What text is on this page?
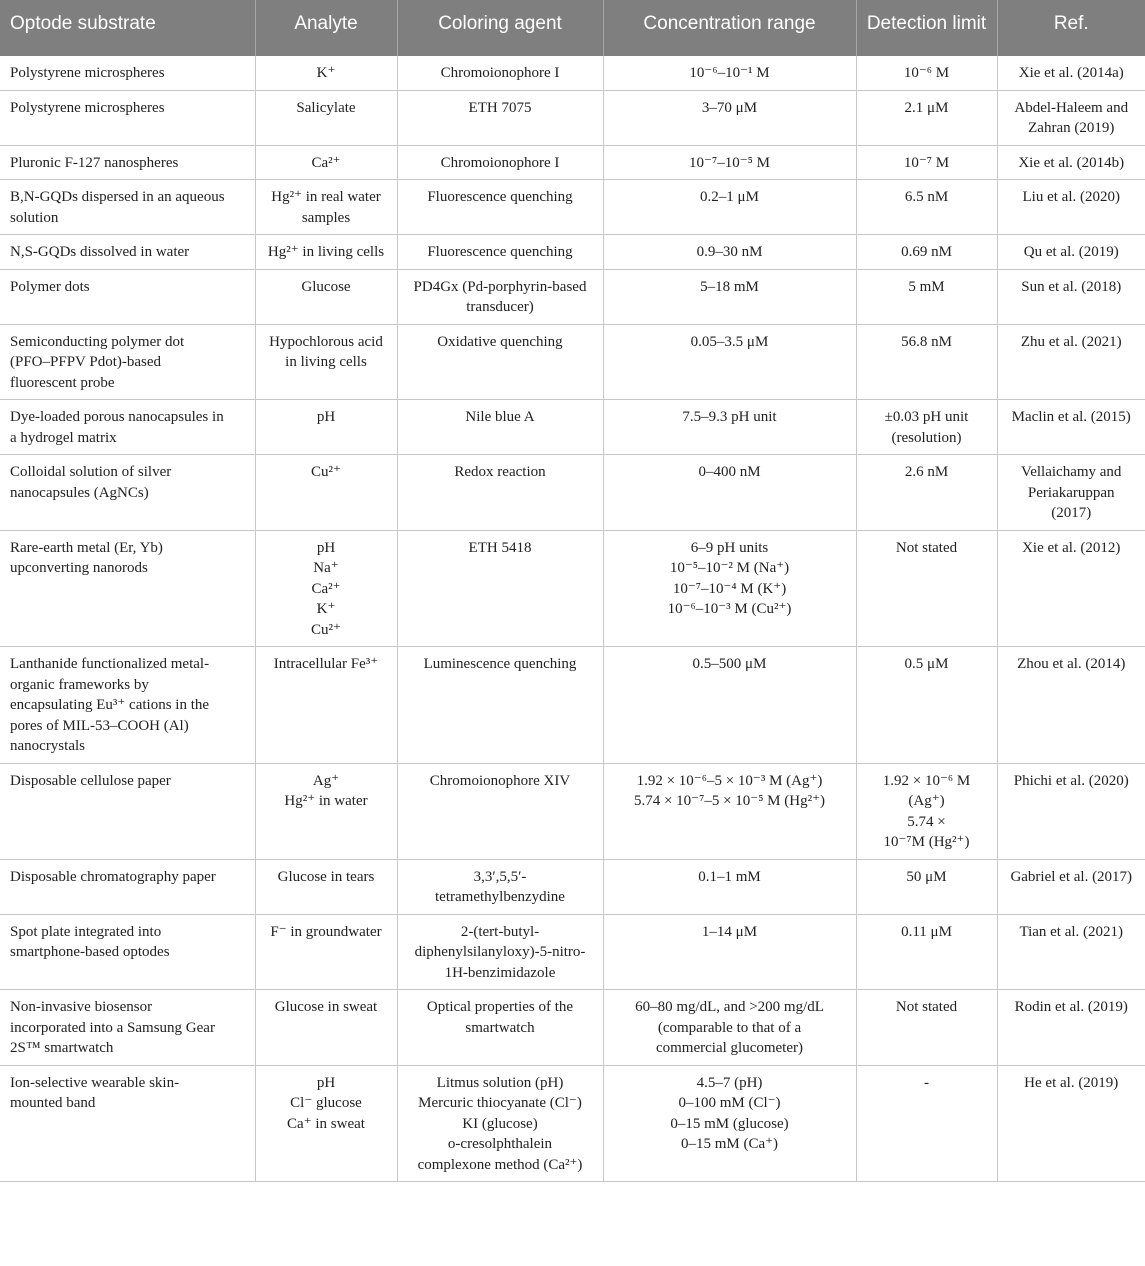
Optode substrate	Analyte	Coloring agent	Concentration range	Detection limit	Ref.

Polystyrene microspheres	K⁺	Chromoionophore I	10⁻⁶–10⁻¹ M	10⁻⁶ M	Xie et al. (2014a)

Polystyrene microspheres	Salicylate	ETH 7075	3–70 μM	2.1 μM	Abdel-Haleem and
Zahran (2019)

Pluronic F-127 nanospheres	Ca²⁺	Chromoionophore I	10⁻⁷–10⁻⁵ M	10⁻⁷ M	Xie et al. (2014b)

B,N-GQDs dispersed in an aqueous
solution	Hg²⁺ in real water
samples	Fluorescence quenching	0.2–1 μM	6.5 nM	Liu et al. (2020)

N,S-GQDs dissolved in water	Hg²⁺ in living cells	Fluorescence quenching	0.9–30 nM	0.69 nM	Qu et al. (2019)

Polymer dots	Glucose	PD4Gx (Pd-porphyrin-based
transducer)	5–18 mM	5 mM	Sun et al. (2018)

Semiconducting polymer dot
(PFO–PFPV Pdot)-based
fluorescent probe	Hypochlorous acid
in living cells	Oxidative quenching	0.05–3.5 μM	56.8 nM	Zhu et al. (2021)

Dye-loaded porous nanocapsules in
a hydrogel matrix	pH	Nile blue A	7.5–9.3 pH unit	±0.03 pH unit
(resolution)	Maclin et al. (2015)

Colloidal solution of silver
nanocapsules (AgNCs)	Cu²⁺	Redox reaction	0–400 nM	2.6 nM	Vellaichamy and
Periakaruppan
(2017)

Rare-earth metal (Er, Yb)
upconverting nanorods	pH
Na⁺
Ca²⁺
K⁺
Cu²⁺	ETH 5418	6–9 pH units
10⁻⁵–10⁻² M (Na⁺)
10⁻⁷–10⁻⁴ M (K⁺)
10⁻⁶–10⁻³ M (Cu²⁺)	Not stated	Xie et al. (2012)

Lanthanide functionalized metal-
organic frameworks by
encapsulating Eu³⁺ cations in the
pores of MIL-53–COOH (Al)
nanocrystals	Intracellular Fe³⁺	Luminescence quenching	0.5–500 μM	0.5 μM	Zhou et al. (2014)

Disposable cellulose paper	Ag⁺
Hg²⁺ in water	Chromoionophore XIV	1.92 × 10⁻⁶–5 × 10⁻³ M (Ag⁺)
5.74 × 10⁻⁷–5 × 10⁻⁵ M (Hg²⁺)	1.92 × 10⁻⁶ M
(Ag⁺)
5.74 ×
10⁻⁷M (Hg²⁺)	Phichi et al. (2020)

Disposable chromatography paper	Glucose in tears	3,3′,5,5′-
tetramethylbenzydine	0.1–1 mM	50 μM	Gabriel et al. (2017)

Spot plate integrated into
smartphone-based optodes	F⁻ in groundwater	2-(tert-butyl-
diphenylsilanyloxy)-5-nitro-
1H-benzimidazole	1–14 μM	0.11 μM	Tian et al. (2021)

Non-invasive biosensor
incorporated into a Samsung Gear
2S™ smartwatch	Glucose in sweat	Optical properties of the
smartwatch	60–80 mg/dL, and ˃200 mg/dL
(comparable to that of a
commercial glucometer)	Not stated	Rodin et al. (2019)

Ion-selective wearable skin-
mounted band	pH
Cl⁻ glucose
Ca⁺ in sweat	Litmus solution (pH)
Mercuric thiocyanate (Cl⁻)
KI (glucose)
o-cresolphthalein
complexone method (Ca²⁺)	4.5–7 (pH)
0–100 mM (Cl⁻)
0–15 mM (glucose)
0–15 mM (Ca⁺)	-	He et al. (2019)
